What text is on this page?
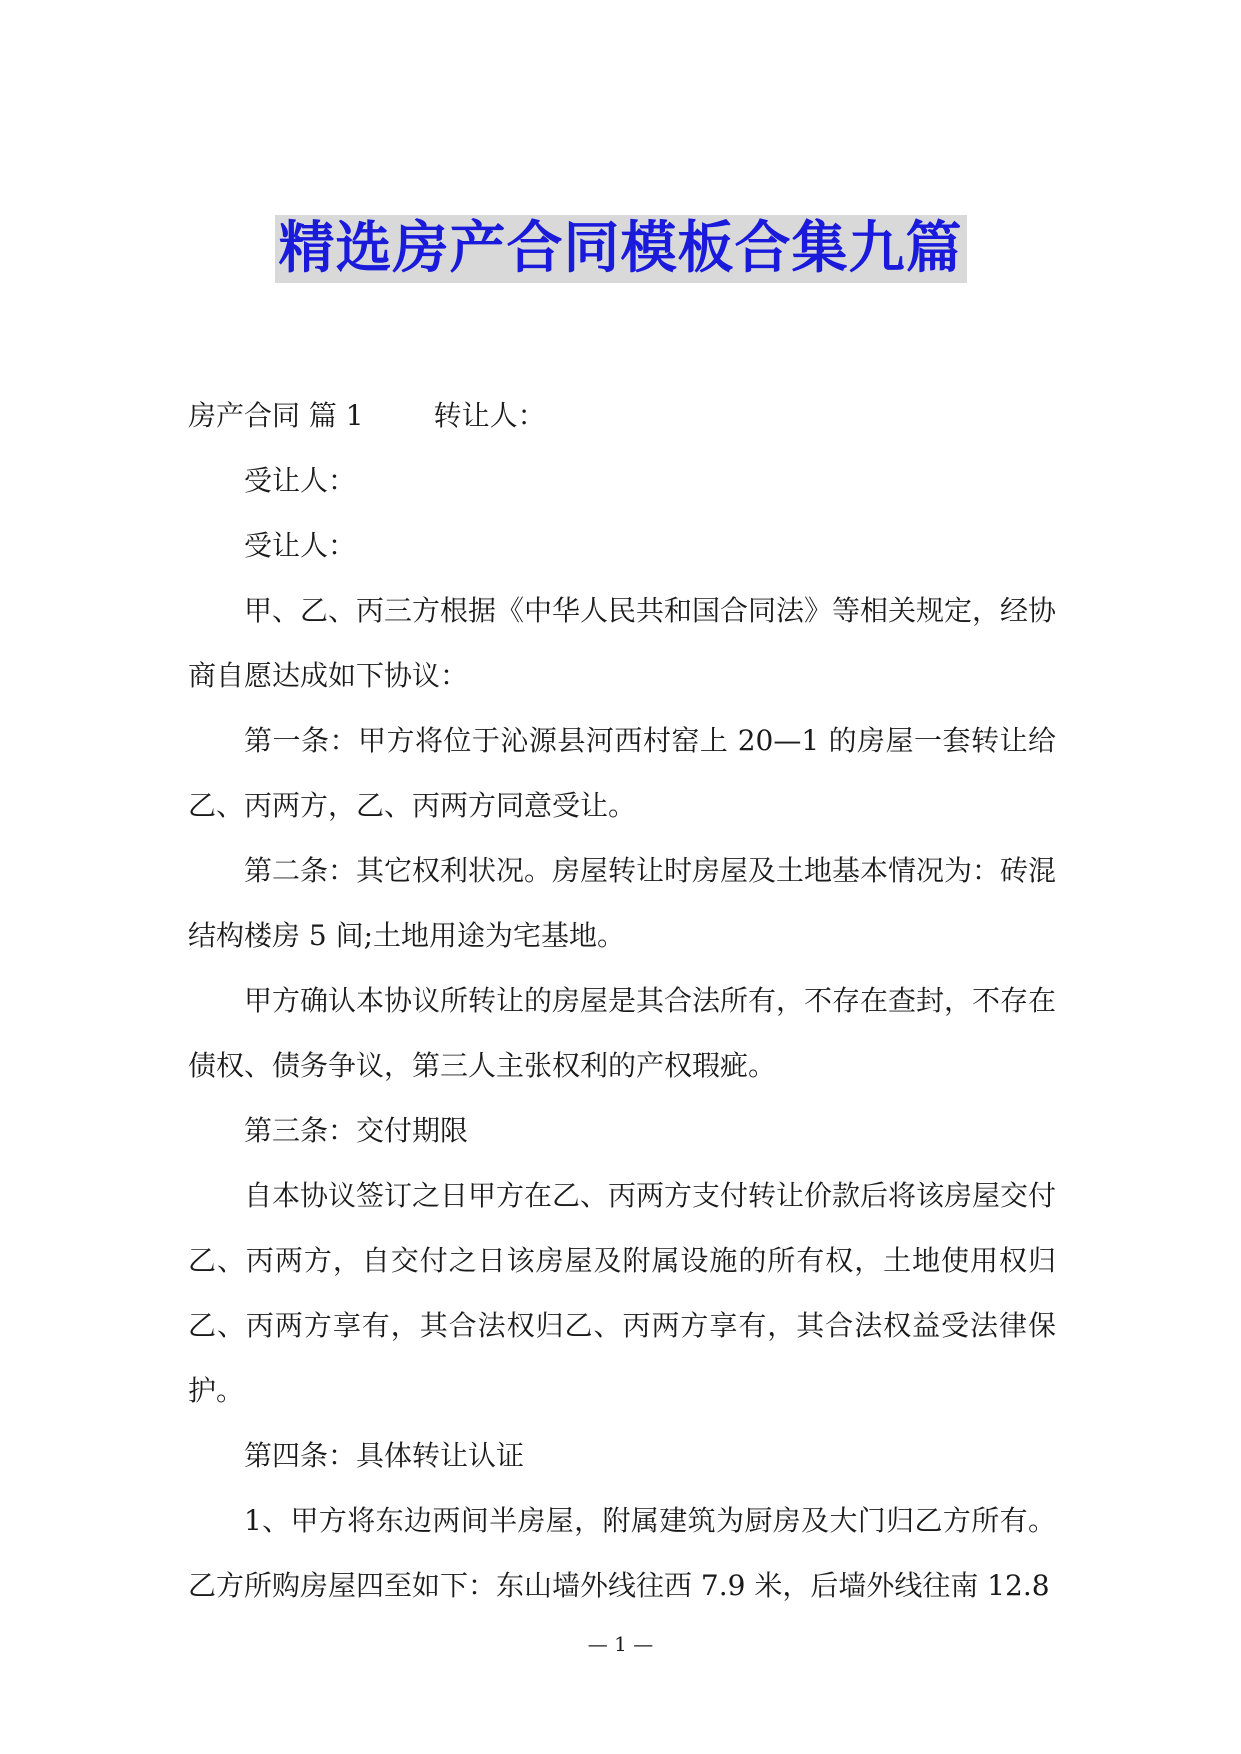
精选房产合同模板合集九篇

房产合同 篇 1	转让人：

受让人：

受让人：

甲、乙、丙三方根据《中华人民共和国合同法》等相关规定，经协商自愿达成如下协议：

第一条：甲方将位于沁源县河西村窑上 20—1 的房屋一套转让给乙、丙两方，乙、丙两方同意受让。

第二条：其它权利状况。房屋转让时房屋及土地基本情况为：砖混结构楼房 5 间;土地用途为宅基地。

甲方确认本协议所转让的房屋是其合法所有，不存在查封，不存在债权、债务争议，第三人主张权利的产权瑕疵。

第三条：交付期限

自本协议签订之日甲方在乙、丙两方支付转让价款后将该房屋交付乙、丙两方，自交付之日该房屋及附属设施的所有权，土地使用权归乙、丙两方享有，其合法权归乙、丙两方享有，其合法权益受法律保护。

第四条：具体转让认证

1、甲方将东边两间半房屋，附属建筑为厨房及大门归乙方所有。乙方所购房屋四至如下：东山墙外线往西 7.9 米，后墙外线往南 12.8

— 1 —
